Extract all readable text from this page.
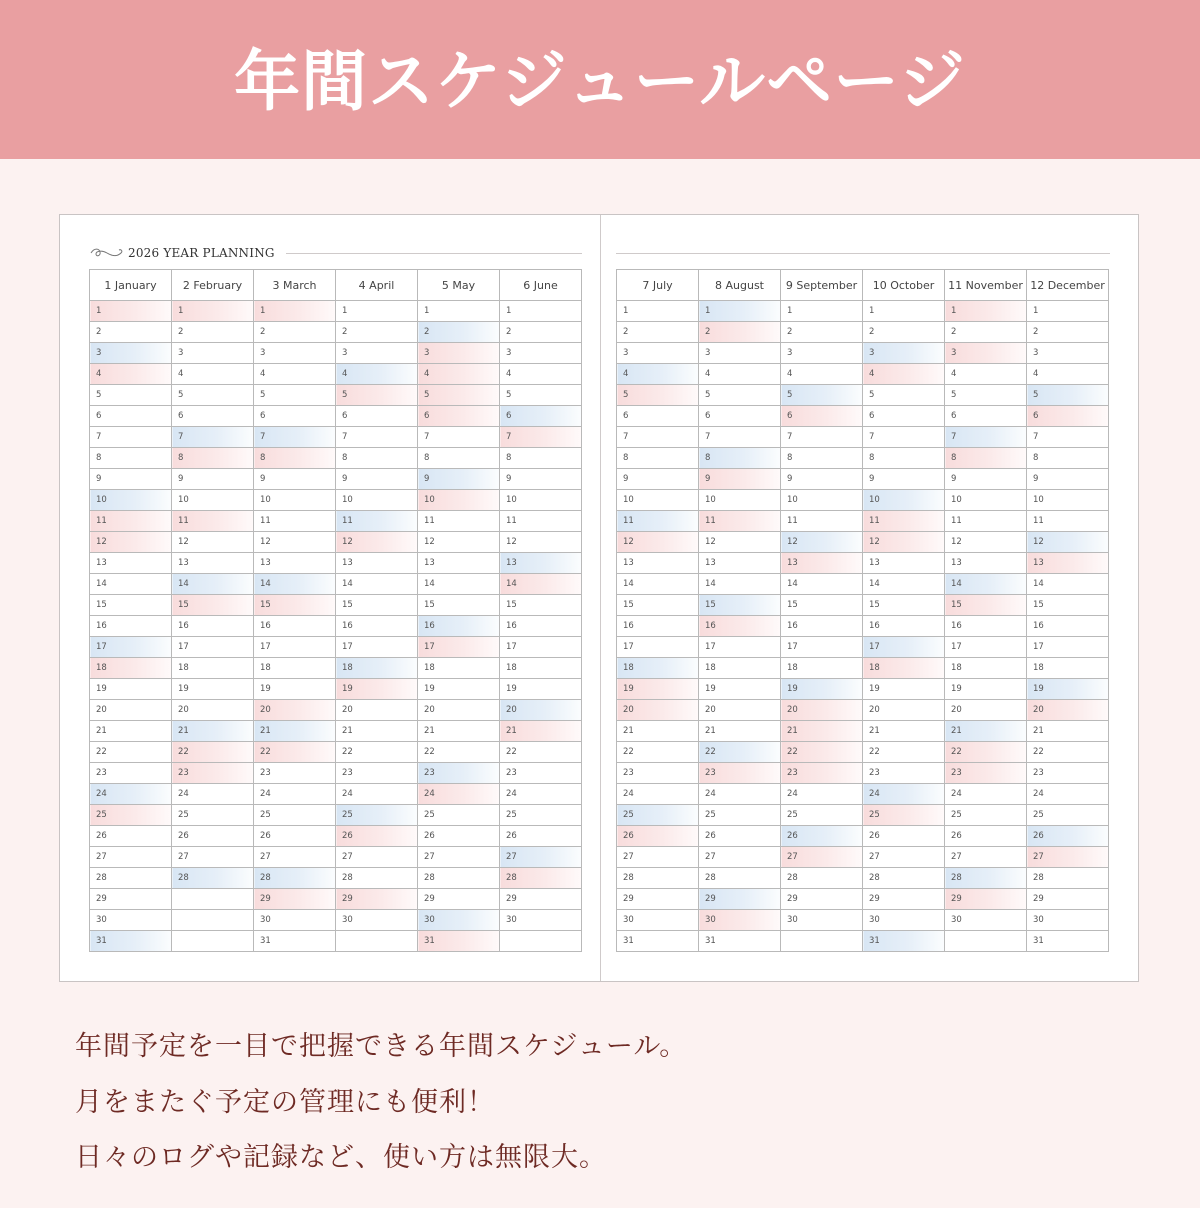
年間スケジュールページ
2026 YEAR PLANNING
1 January	2 February	3 March	4 April	5 May	6 June
1	1	1	1	1	1
2	2	2	2	2	2
3	3	3	3	3	3
4	4	4	4	4	4
5	5	5	5	5	5
6	6	6	6	6	6
7	7	7	7	7	7
8	8	8	8	8	8
9	9	9	9	9	9
10	10	10	10	10	10
11	11	11	11	11	11
12	12	12	12	12	12
13	13	13	13	13	13
14	14	14	14	14	14
15	15	15	15	15	15
16	16	16	16	16	16
17	17	17	17	17	17
18	18	18	18	18	18
19	19	19	19	19	19
20	20	20	20	20	20
21	21	21	21	21	21
22	22	22	22	22	22
23	23	23	23	23	23
24	24	24	24	24	24
25	25	25	25	25	25
26	26	26	26	26	26
27	27	27	27	27	27
28	28	28	28	28	28
29		29	29	29	29
30		30	30	30	30
31		31		31	
7 July	8 August	9 September	10 October	11 November	12 December
1	1	1	1	1	1
2	2	2	2	2	2
3	3	3	3	3	3
4	4	4	4	4	4
5	5	5	5	5	5
6	6	6	6	6	6
7	7	7	7	7	7
8	8	8	8	8	8
9	9	9	9	9	9
10	10	10	10	10	10
11	11	11	11	11	11
12	12	12	12	12	12
13	13	13	13	13	13
14	14	14	14	14	14
15	15	15	15	15	15
16	16	16	16	16	16
17	17	17	17	17	17
18	18	18	18	18	18
19	19	19	19	19	19
20	20	20	20	20	20
21	21	21	21	21	21
22	22	22	22	22	22
23	23	23	23	23	23
24	24	24	24	24	24
25	25	25	25	25	25
26	26	26	26	26	26
27	27	27	27	27	27
28	28	28	28	28	28
29	29	29	29	29	29
30	30	30	30	30	30
31	31		31		31
年間予定を一目で把握できる年間スケジュール。
月をまたぐ予定の管理にも便利！
日々のログや記録など、使い方は無限大。
